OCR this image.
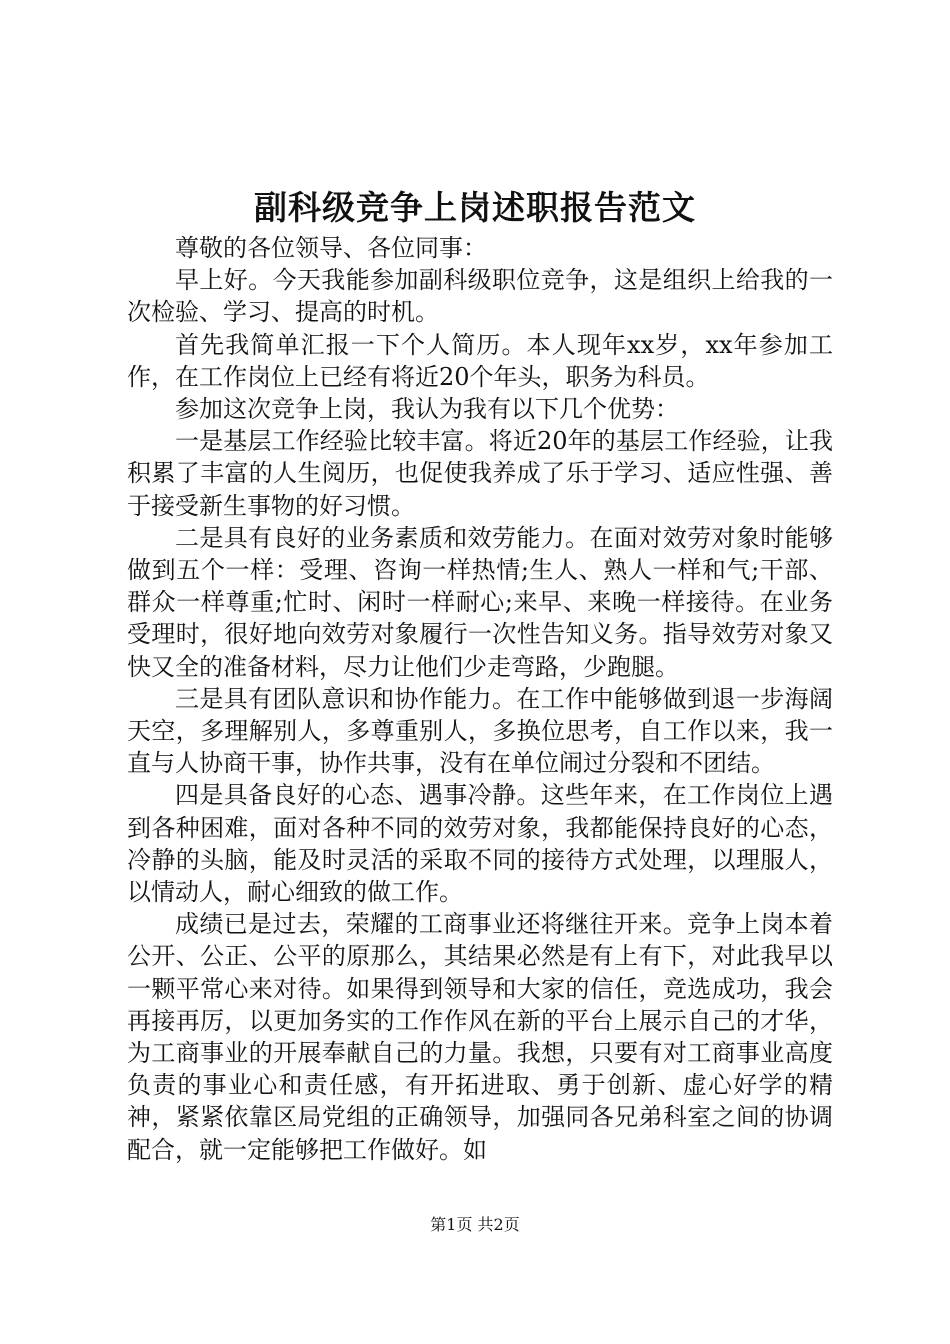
副科级竞争上岗述职报告范文

尊敬的各位领导、各位同事：

早上好。今天我能参加副科级职位竞争，这是组织上给我的一次检验、学习、提高的时机。

首先我简单汇报一下个人简历。本人现年xx岁，xx年参加工作，在工作岗位上已经有将近20个年头，职务为科员。

参加这次竞争上岗，我认为我有以下几个优势：

一是基层工作经验比较丰富。将近20年的基层工作经验，让我积累了丰富的人生阅历，也促使我养成了乐于学习、适应性强、善于接受新生事物的好习惯。

二是具有良好的业务素质和效劳能力。在面对效劳对象时能够做到五个一样：受理、咨询一样热情;生人、熟人一样和气;干部、群众一样尊重;忙时、闲时一样耐心;来早、来晚一样接待。在业务受理时，很好地向效劳对象履行一次性告知义务。指导效劳对象又快又全的准备材料，尽力让他们少走弯路，少跑腿。

三是具有团队意识和协作能力。在工作中能够做到退一步海阔天空，多理解别人，多尊重别人，多换位思考，自工作以来，我一直与人协商干事，协作共事，没有在单位闹过分裂和不团结。

四是具备良好的心态、遇事冷静。这些年来，在工作岗位上遇到各种困难，面对各种不同的效劳对象，我都能保持良好的心态，冷静的头脑，能及时灵活的采取不同的接待方式处理，以理服人，以情动人，耐心细致的做工作。

成绩已是过去，荣耀的工商事业还将继往开来。竞争上岗本着公开、公正、公平的原那么，其结果必然是有上有下，对此我早以一颗平常心来对待。如果得到领导和大家的信任，竞选成功，我会再接再厉，以更加务实的工作作风在新的平台上展示自己的才华，为工商事业的开展奉献自己的力量。我想，只要有对工商事业高度负责的事业心和责任感，有开拓进取、勇于创新、虚心好学的精神，紧紧依靠区局党组的正确领导，加强同各兄弟科室之间的协调配合，就一定能够把工作做好。如

第1页 共2页
